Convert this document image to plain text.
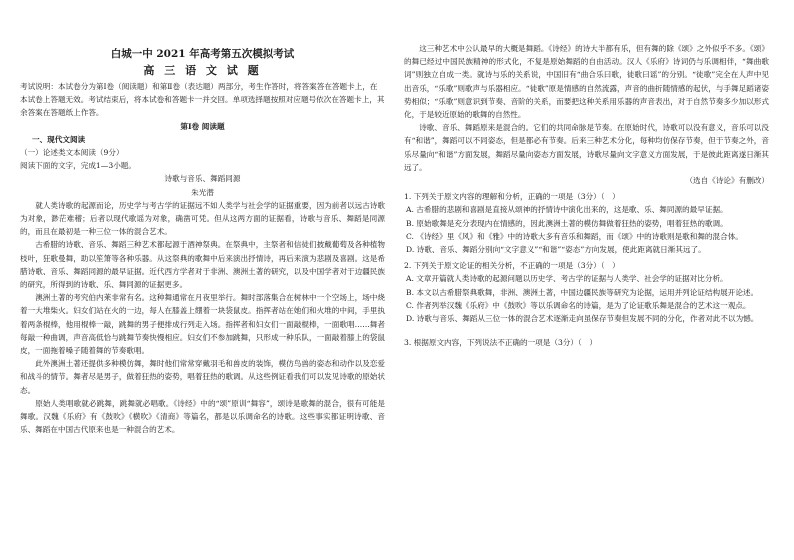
白城一中 2021 年高考第五次模拟考试
高 三 语 文 试 题

考试说明：本试卷分为第Ⅰ卷（阅读题）和第Ⅱ卷（表达题）两部分，考生作答时，将答案答在答题卡上，在本试卷上答题无效。考试结束后，将本试卷和答题卡一并交回。单项选择题按照对应题号依次在答题卡上，其余答案在答题纸上作答。

第Ⅰ卷 阅读题
一、现代文阅读

（一）论述类文本阅读（9分）

阅读下面的文字，完成1—3小题。

诗歌与音乐、舞蹈同源
朱光潜

就人类诗歌的起源而论，历史学与考古学的证据远不如人类学与社会学的证据重要，因为前者以远古诗歌为对象，渺茫难稽；后者以现代歌谣为对象，确凿可凭。但从这两方面的证据看，诗歌与音乐、舞蹈是同源的，而且在最初是一种三位一体的混合艺术。

古希腊的诗歌、音乐、舞蹈三种艺术都起源于酒神祭典。在祭典中，主祭者和信徒们披戴葡萄及各种植物枝叶，狂歌曼舞，助以笙箫等各种乐器。从这祭典的歌舞中后来演出抒情诗，再后来演为悲剧及喜剧。这是希腊诗歌、音乐、舞蹈同源的最早证据。近代西方学者对于非洲、澳洲土著的研究，以及中国学者对于边疆民族的研究，所得到的诗歌、乐、舞同源的证据更多。

澳洲土著的考究伯内莱非常有名。这种舞通常在月夜里举行。舞时部落集合在树林中一个空场上，场中烧着一大堆柴火。妇女们站在火的一边，每人在膝盖上绷着一块袋鼠皮。指挥者站在她们和火堆的中间，手里执着两条棍棒，他用棍棒一敲，跳舞的男子便排成行列走入场。指挥者和妇女们一面敲棍棒，一面歌唱……舞者每敲一种曲调，声音高低恰与跳舞节奏快慢相应。妇女们不参加跳舞，只形成一种乐队，一面敲着膝上的袋鼠皮，一面拖着嗓子随着舞的节奏歌唱。

此外澳洲土著还提供多种模仿舞，舞时他们常常穿戴羽毛和兽皮的装饰，模仿鸟兽的姿态和动作以及恋爱和战斗的情节。舞者尽是男子，做着狂热的姿势，唱着狂热的歌调。从这些例证看我们可以发见诗歌的原始状态。

原始人类唱歌就必跳舞，跳舞就必唱歌。《诗经》中的“颂”原训“舞容”，颂诗是歌舞的混合，很有可能是舞歌。汉魏《乐府》有《鼓吹》《横吹》《清商》等篇名，都是以乐调命名的诗歌。这些事实都证明诗歌、音乐、舞蹈在中国古代原来也是一种混合的艺术。

这三种艺术中公认最早的大概是舞蹈。《诗经》的诗大半都有乐，但有舞的除《颂》之外似乎不多。《颂》的舞已经过中国民族精神的形式化，不复是原始舞蹈的自由活动。汉人《乐府》诗词仍与乐调相伴，“舞曲歌词”则独立自成一类。就诗与乐的关系说，中国旧有“曲合乐曰歌，徒歌曰谣”的分别。“徒歌”完全在人声中见出音乐，“乐歌”则歌声与乐器相应。“徒歌”原是情感的自然流露，声音的曲折随情感的起伏，与手舞足蹈诸姿势相似；“乐歌”则意识到节奏、音阶的关系，而要把这种关系用乐器的声音表出，对于自然节奏多少加以形式化，于是较近原始的歌舞的自然性。

诗歌、音乐、舞蹈原来是混合的。它们的共同命脉是节奏。在原始时代，诗歌可以没有意义，音乐可以没有“和谐”，舞蹈可以不同姿态，但是都必有节奏。后来三种艺术分化，每种均仿保存节奏，但于节奏之外，音乐尽量向“和谐”方面发展，舞蹈尽量向姿态方面发展，诗歌尽量向文字意义方面发展，于是彼此距离遂日渐其远了。

（选自《诗论》有删改）

1. 下列关于原文内容的理解和分析，正确的一项是（3分）（　）

A. 古希腊的悲剧和喜剧是直接从颂神的抒情诗中演化出来的，这是歌、乐、舞同源的最早证据。

B. 原始歌舞是充分表现内在情感的，因此澳洲土著的模仿舞做着狂热的姿势，唱着狂热的歌调。

C. 《诗经》里《风》和《雅》中的诗歌大多有音乐和舞蹈，而《颂》中的诗歌则是歌和舞的混合体。

D. 诗歌、音乐、舞蹈分别向“文字意义”“和谐”“姿态”方向发展，使此距离就日渐其远了。

2. 下列关于原文论证的相关分析，不正确的一项是（3分）（　）

A. 文章开篇就人类诗歌的起源问题以历史学、考古学的证据与人类学、社会学的证据对比分析。

B. 本文以古希腊祭典歌舞，非洲、澳洲土著，中国边疆民族等研究为论据，运用并列论证结构展开论述。

C. 作者列举汉魏《乐府》中《鼓吹》等以乐调命名的诗篇，是为了论证歌乐舞是混合的艺术这一观点。

D. 诗歌与音乐、舞蹈从三位一体的混合艺术逐渐走向虽保存节奏但发展不同的分化，作者对此不以为憾。

3. 根据原文内容，下列说法不正确的一项是（3分）（　）
